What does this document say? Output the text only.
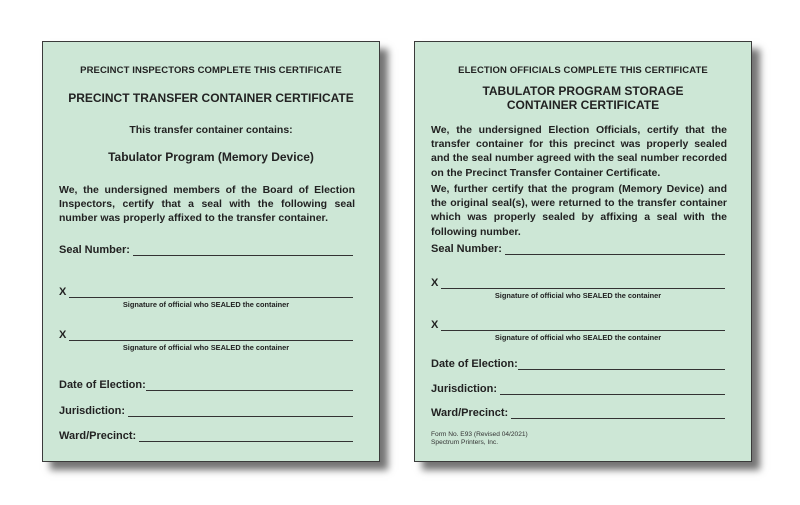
PRECINCT INSPECTORS COMPLETE THIS CERTIFICATE
PRECINCT TRANSFER CONTAINER CERTIFICATE
This transfer container contains:
Tabulator Program (Memory Device)
We, the undersigned members of the Board of Election Inspectors, certify that a seal with the following seal number was properly affixed to the transfer container.
Seal Number:
X
Signature of official who SEALED the container
X
Signature of official who SEALED the container
Date of Election:
Jurisdiction:
Ward/Precinct:
ELECTION OFFICIALS COMPLETE THIS CERTIFICATE
TABULATOR PROGRAM STORAGE
CONTAINER CERTIFICATE
We, the undersigned Election Officials, certify that the transfer container for this precinct was properly sealed and the seal number agreed with the seal number recorded on the Precinct Transfer Container Certificate.
We, further certify that the program (Memory Device) and the original seal(s), were returned to the transfer container which was properly sealed by affixing a seal with the following number.
Seal Number:
X
Signature of official who SEALED the container
X
Signature of official who SEALED the container
Date of Election:
Jurisdiction:
Ward/Precinct:
Form No. E93 (Revised 04/2021)
Spectrum Printers, Inc.
